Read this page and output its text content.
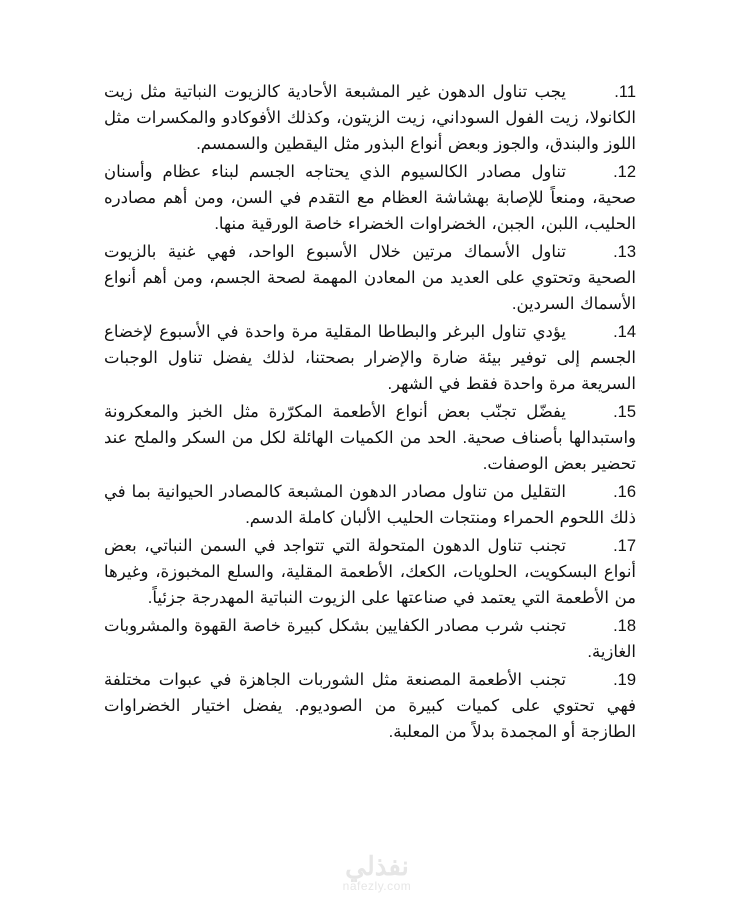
.11
يجب تناول الدهون غير المشبعة الأحادية كالزيوت النباتية مثل زيت الكانولا، زيت الفول السوداني، زيت الزيتون، وكذلك الأفوكادو والمكسرات مثل اللوز والبندق، والجوز وبعض أنواع البذور مثل اليقطين والسمسم.

.12
تناول مصادر الكالسيوم الذي يحتاجه الجسم لبناء عظام وأسنان صحية، ومنعاً للإصابة بهشاشة العظام مع التقدم في السن، ومن أهم مصادره الحليب، اللبن، الجبن، الخضراوات الخضراء خاصة الورقية منها.

.13
تناول الأسماك مرتين خلال الأسبوع الواحد، فهي غنية بالزيوت الصحية وتحتوي على العديد من المعادن المهمة لصحة الجسم، ومن أهم أنواع الأسماك السردين.

.14
يؤدي تناول البرغر والبطاطا المقلية مرة واحدة في الأسبوع لإخضاع الجسم إلى توفير بيئة ضارة والإضرار بصحتنا، لذلك يفضل تناول الوجبات السريعة مرة واحدة فقط في الشهر.

.15
يفضّل تجنّب بعض أنواع الأطعمة المكرّرة مثل الخبز والمعكرونة واستبدالها بأصناف صحية. الحد من الكميات الهائلة لكل من السكر والملح عند تحضير بعض الوصفات.

.16
التقليل من تناول مصادر الدهون المشبعة كالمصادر الحيوانية بما في ذلك اللحوم الحمراء ومنتجات الحليب الألبان كاملة الدسم.

.17
تجنب تناول الدهون المتحولة التي تتواجد في السمن النباتي، بعض أنواع البسكويت، الحلويات، الكعك، الأطعمة المقلية، والسلع المخبوزة، وغيرها من الأطعمة التي يعتمد في صناعتها على الزيوت النباتية المهدرجة جزئياً.

.18
تجنب شرب مصادر الكفايين بشكل كبيرة خاصة القهوة والمشروبات الغازية.

.19
تجنب الأطعمة المصنعة مثل الشوربات الجاهزة في عبوات مختلفة فهي تحتوي على كميات كبيرة من الصوديوم. يفضل اختيار الخضراوات الطازجة أو المجمدة بدلاً من المعلبة.

نفذلي
nafezly.com
